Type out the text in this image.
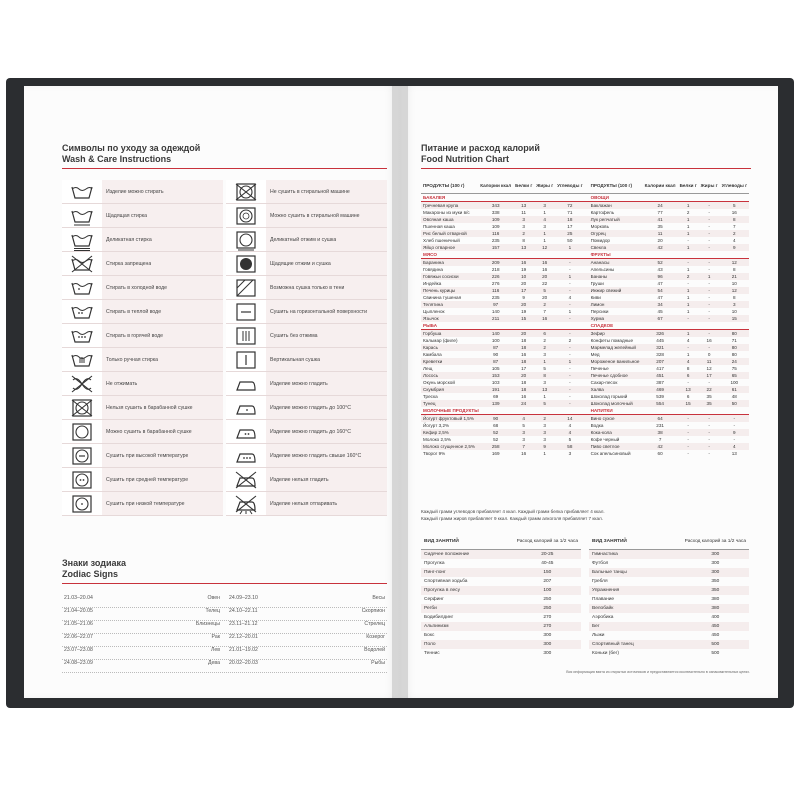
Символы по уходу за одеждой
Wash & Care Instructions
Изделие можно стирать
Щадящая стирка
Деликатная стирка
Стирка запрещена
Стирать в холодной воде
Стирать в теплой воде
Стирать в горячей воде
Только ручная стирка
Не отжимать
Нельзя сушить в барабанной сушке
Можно сушить в барабанной сушке
Сушить при высокой температуре
Сушить при средней температуре
Сушить при низкой температуре
Не сушить в стиральной машине
Можно сушить в стиральной машине
Деликатный отжим и сушка
Щадящие отжим и сушка
Возможна сушка только в тени
Сушить на горизонтальной поверхности
Сушить без отжима
Вертикальная сушка
Изделие можно гладить
Изделие можно гладить до 100°C
Изделие можно гладить до 160°C
Изделие можно гладить свыше 160°C
Изделие нельзя гладить
Изделие нельзя отпаривать
Знаки зодиака
Zodiac Signs
21.03–20.04	Овен 24.09–23.10	Весы
21.04–20.05	Телец 24.10–22.11	Скорпион
21.05–21.06	Близнецы 23.11–21.12	Стрелец
22.06–22.07	Рак 22.12–20.01	Козерог
23.07–23.08	Лев 21.01–19.02	Водолей
24.08–23.09	Дева 20.02–20.03	Рыбы
Питание и расход калорий
Food Nutrition Chart
ПРОДУКТЫ (100 г)	Калории ккал	Белки г	Жиры г	Углеводы г	ПРОДУКТЫ (100 г)	Калории ккал	Белки г	Жиры г	Углеводы г
БАКАЛЕЯ					ОВОЩИ				
Гречневая крупа	343	13	3	72	Баклажан	24	1	-	5
Макароны из муки в/с	338	11	1	71	Картофель	77	2	-	16
Овсяная каша	109	3	4	18	Лук репчатый	41	1	-	8
Пшенная каша	109	3	3	17	Морковь	35	1	-	7
Рис белый отварной	116	2	1	25	Огурец	11	1	-	2
Хлеб пшеничный	235	8	1	50	Помидор	20	-	-	4
Яйцо отварное	157	13	12	1	Свекла	42	1	-	9
МЯСО					ФРУКТЫ				
Баранина	209	16	16	-	Ананасы	52	-	-	12
Говядина	218	19	16	-	Апельсины	43	1	-	8
Говяжьи сосиски	226	10	20	1	Бананы	96	2	1	21
Индейка	276	20	22	-	Груши	47	-	-	10
Печень курицы	116	17	5	-	Инжир свежий	54	1	-	12
Свинина тушеная	235	9	20	4	Киви	47	1	-	8
Телятина	97	20	2	-	Лимон	34	1	-	3
Цыпленок	140	19	7	1	Персики	45	1	-	10
Язычок	211	15	16	-	Хурма	67	-	-	15
РЫБА					СЛАДКОЕ				
Горбуша	140	20	6	-	Зефир	326	1	-	80
Кальмар (филе)	100	18	2	2	Конфеты помадные	445	4	16	71
Карась	87	18	2	-	Мармелад желейный	321	-	-	80
Камбала	90	16	3	-	Мед	328	1	0	80
Креветки	87	18	1	1	Мороженое ванильное	207	4	11	24
Лещ	105	17	5	-	Печенье	417	8	12	75
Лосось	153	20	8	-	Печенье сдобное	451	6	17	65
Окунь морской	103	18	3	-	Сахар-песок	387	-	-	100
Скумбрия	191	18	13	-	Халва	469	13	22	61
Треска	69	16	1	-	Шоколад горький	539	6	35	48
Тунец	139	24	5	-	Шоколад молочный	554	15	35	50
МОЛОЧНЫЕ ПРОДУКТЫ					НАПИТКИ				
Йогурт фруктовый 1,5%	90	4	2	14	Вино сухое	64	-	-	-
Йогурт 3,2%	68	5	3	4	Водка	231	-	-	-
Кефир 2,5%	52	3	3	4	Кока-кола	38	-	-	9
Молоко 2,5%	52	3	3	5	Кофе черный	7	-	-	-
Молоко сгущенное 2,5%	258	7	9	58	Пиво светлое	42	-	-	4
Творог 9%	169	16	1	3	Сок апельсиновый	60	-	-	13
Каждый грамм углеводов прибавляет 4 ккал. Каждый грамм белка прибавляет 4 ккал.
Каждый грамм жиров прибавляет 9 ккал. Каждый грамм алкоголя прибавляет 7 ккал.
ВИД ЗАНЯТИЙ	Расход калорий за 1/2 часа
Сидячее положение	20-25
Прогулка	40-45
Пинг-понг	150
Спортивная ходьба	207
Прогулка в лесу	100
Серфинг	250
Регби	250
Бодибилдинг	270
Альпинизм	270
Бокс	300
Поло	300
Теннис	300
ВИД ЗАНЯТИЙ	Расход калорий за 1/2 часа
Гимнастика	300
Футбол	300
Бальные танцы	300
Гребля	350
Упражнения	350
Плавание	380
Велобайк	380
Аэробика	400
Бег	450
Лыжи	450
Спортивный танец	500
Коньки (бег)	500
Вся информация взята из открытых источников и предоставляется исключительно в ознакомительных целях.
